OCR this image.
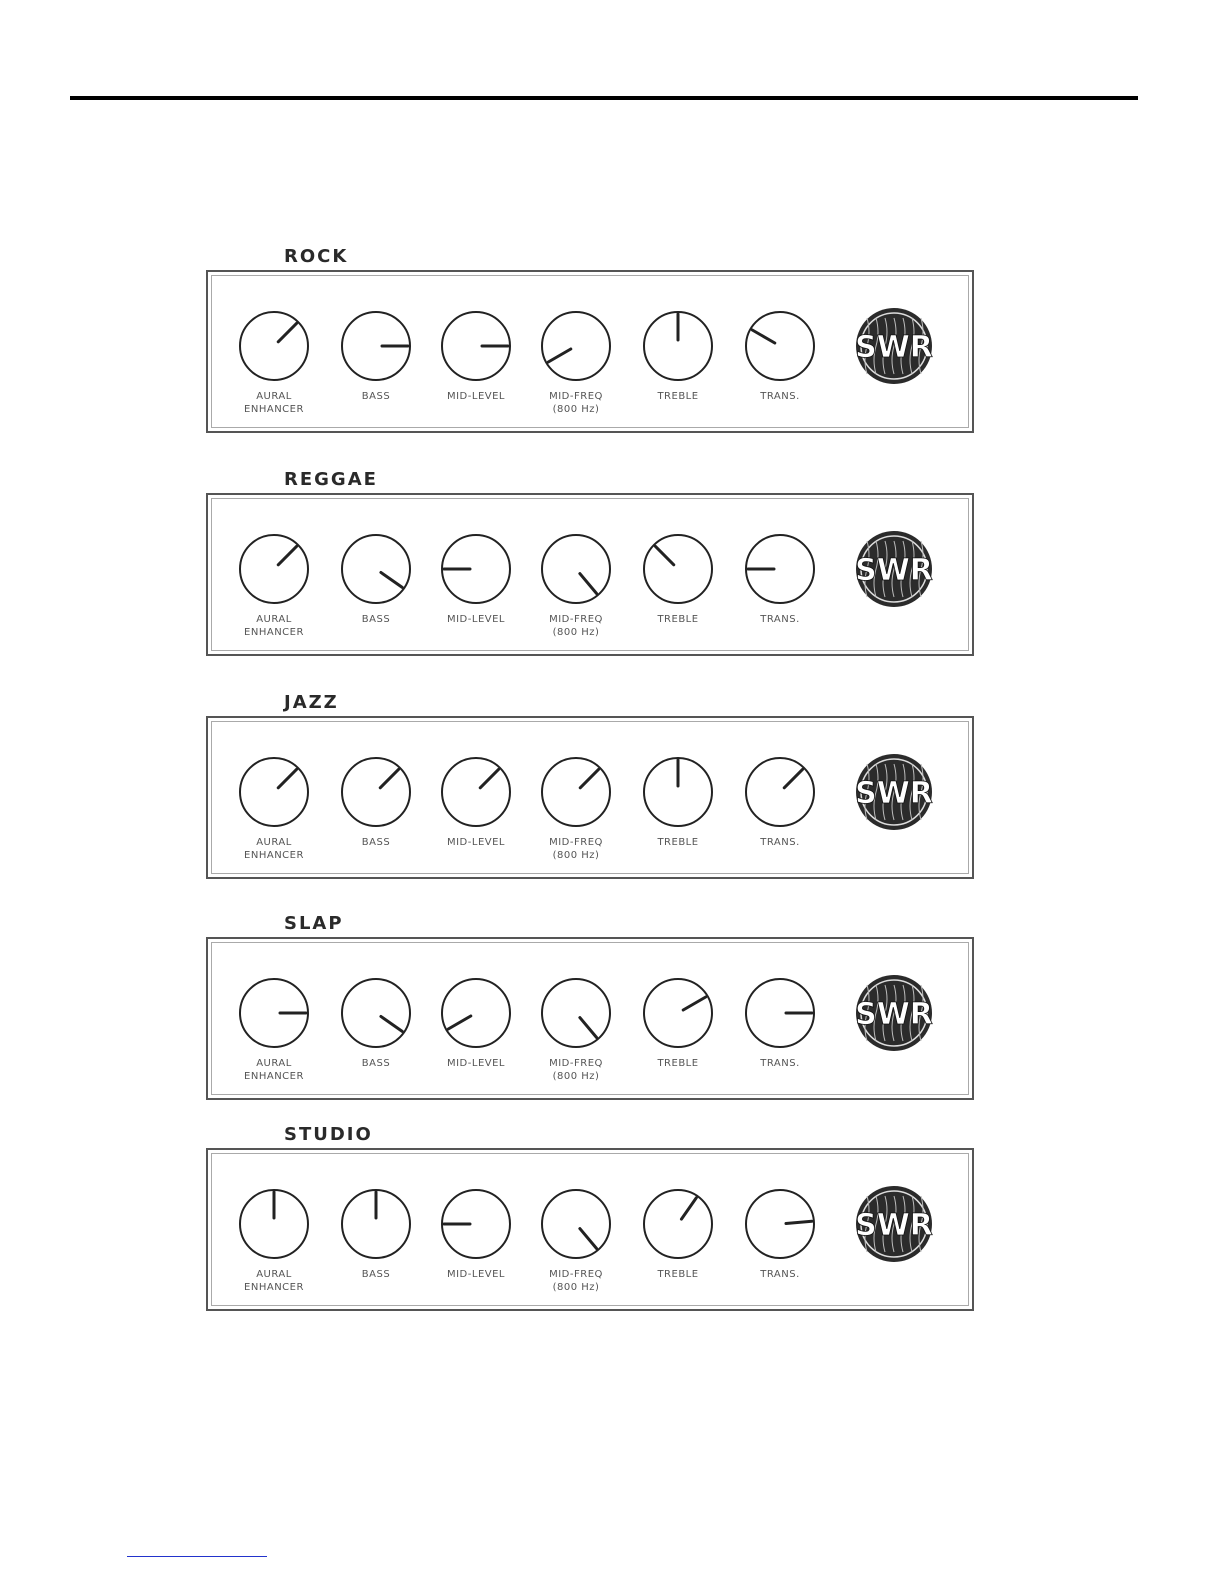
ROCK
SWR
AURAL
ENHANCER
BASS	MID-LEVEL	MID-FREQ
(800 Hz)
TREBLE	TRANS.
REGGAE
SWR
AURAL
ENHANCER
BASS	MID-LEVEL	MID-FREQ
(800 Hz)
TREBLE	TRANS.
JAZZ
SWR
AURAL
ENHANCER
BASS	MID-LEVEL	MID-FREQ
(800 Hz)
TREBLE	TRANS.
SLAP
SWR
AURAL
ENHANCER
BASS	MID-LEVEL	MID-FREQ
(800 Hz)
TREBLE	TRANS.
STUDIO
SWR
AURAL
ENHANCER
BASS	MID-LEVEL	MID-FREQ
(800 Hz)
TREBLE	TRANS.
